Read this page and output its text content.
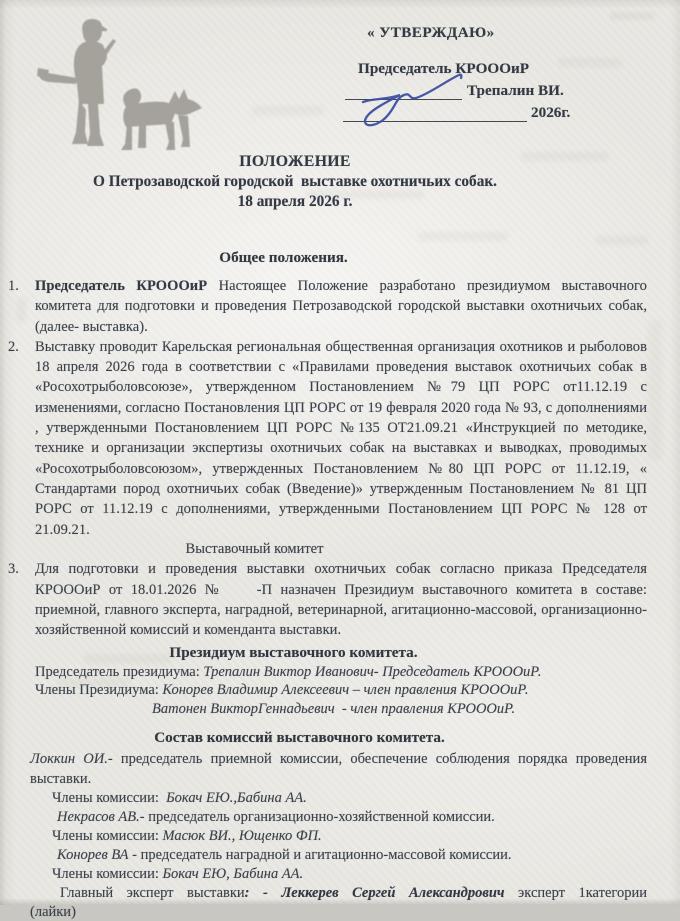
« УТВЕРЖДАЮ»
Председатель КРОООиР
Трепалин ВИ.
2026г.
ПОЛОЖЕНИЕ
О Петрозаводской городской  выставке охотничьих собак.
18 апреля 2026 г.
Общее положения.
1. Председатель КРОООиР Настоящее Положение разработано президиумом выставочного комитета для подготовки и проведения Петрозаводской городской выставки охотничьих собак,(далее- выставка).
2. Выставку проводит Карельская региональная общественная организация охотников и рыболовов 18 апреля 2026 года в соответствии с «Правилами проведения выставок охотничьих собак в «Росохотрыболовсоюзе», утвержденном Постановлением №79 ЦП РОРС от11.12.19 с изменениями, согласно Постановления ЦП РОРС от 19 февраля 2020 года № 93, с дополнениями , утвержденными Постановлением ЦП РОРС №135 ОТ21.09.21 «Инструкцией по методике, технике и организации экспертизы охотничьих собак на выставках и выводках, проводимых «Росохотрыболовсоюзом», утвержденных Постановлением №80 ЦП РОРС от 11.12.19, « Стандартами пород охотничьих собак (Введение)» утвержденным Постановлением № 81 ЦП РОРС от 11.12.19 с дополнениями, утвержденными Постановлением ЦП РОРС № 128 от 21.09.21.
Выставочный комитет
3. Для подготовки и проведения выставки охотничьих собак согласно приказа Председателя КРОООиР от 18.01.2026 №    -П назначен Президиум выставочного комитета в составе: приемной, главного эксперта, наградной, ветеринарной, агитационно-массовой, организационно-хозяйственной комиссий и коменданта выставки.
Президиум выставочного комитета.
Председатель президиума: Трепалин Виктор Иванович- Председатель КРОООиР.
Члены Президиума: Конорев Владимир Алексеевич – член правления КРОООиР.
Ватонен ВикторГеннадьевич  - член правления КРОООиР.
Состав комиссий выставочного комитета.
Локкин ОИ.- председатель приемной комиссии, обеспечение соблюдения порядка проведения выставки.
Члены комиссии:  Бокач ЕЮ.,Бабина АА.
Некрасов АВ.- председатель организационно-хозяйственной комиссии.
Члены комиссии: Масюк ВИ., Ющенко ФП.
Конорев ВА - председатель наградной и агитационно-массовой комиссии.
Члены комиссии: Бокач ЕЮ, Бабина АА.
Главный эксперт выставки: - Леккерев Сергей Александрович эксперт 1категории
(лайки)
